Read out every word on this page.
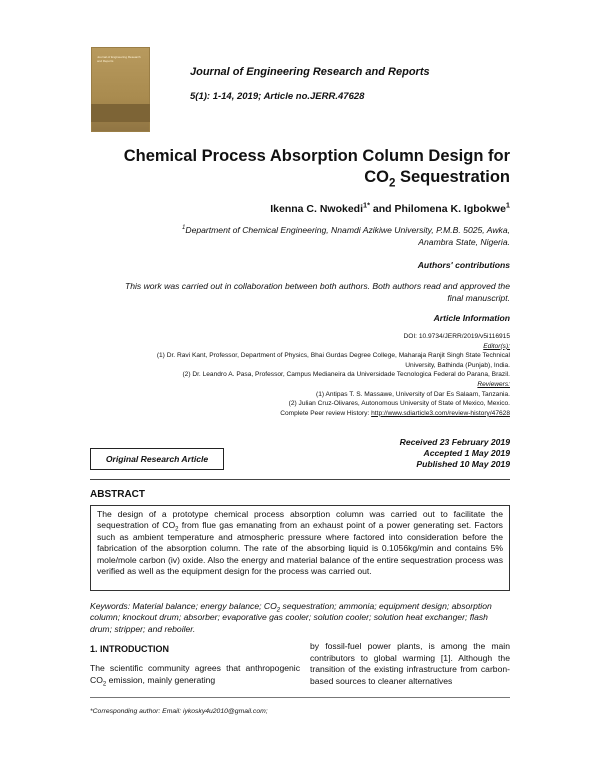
Journal of Engineering Research and Reports
Journal of Engineering Research and Reports
5(1): 1-14, 2019; Article no.JERR.47628
Chemical Process Absorption Column Design for
$CO_2$ Sequestration
Ikenna C. Nwokedi$^{1*}$ and Philomena K. Igbokwe$^1$
$^1$Department of Chemical Engineering, Nnamdi Azikiwe University, P.M.B. 5025, Awka,
Anambra State, Nigeria.
Authors' contributions
This work was carried out in collaboration between both authors. Both authors read and approved the
final manuscript.
Article Information
DOI: 10.9734/JERR/2019/v5i116915
Editor(s):
(1) Dr. Ravi Kant, Professor, Department of Physics, Bhai Gurdas Degree College, Maharaja Ranjit Singh State Technical
University, Bathinda (Punjab), India.
(2) Dr. Leandro A. Pasa, Professor, Campus Medianeira da Universidade Tecnologica Federal do Parana, Brazil.
Reviewers:
(1) Antipas T. S. Massawe, University of Dar Es Salaam, Tanzania.
(2) Julian Cruz-Olivares, Autonomous University of State of Mexico, Mexico.
Complete Peer review History: http://www.sdiarticle3.com/review-history/47628
Original Research Article
Received 23 February 2019
Accepted 1 May 2019
Published 10 May 2019
ABSTRACT
The design of a prototype chemical process absorption column was carried out to facilitate the sequestration of $CO_2$ from flue gas emanating from an exhaust point of a power generating set. Factors such as ambient temperature and atmospheric pressure where factored into consideration before the fabrication of the absorption column. The rate of the absorbing liquid is 0.1056kg/min and contains 5% mole/mole carbon (iv) oxide. Also the energy and material balance of the entire sequestration process was verified as well as the equipment design for the process was carried out.
Keywords: Material balance; energy balance; $CO_2$ sequestration; ammonia; equipment design; absorption column; knockout drum; absorber; evaporative gas cooler; solution cooler; solution heat exchanger; flash drum; stripper; and reboiler.
1. INTRODUCTION
The scientific community agrees that anthropogenic $CO_2$ emission, mainly generating
by fossil-fuel power plants, is among the main contributors to global warming [1]. Although the transition of the existing infrastructure from carbon-based sources to cleaner alternatives
*Corresponding author: Email: iykosky4u2010@gmail.com;
